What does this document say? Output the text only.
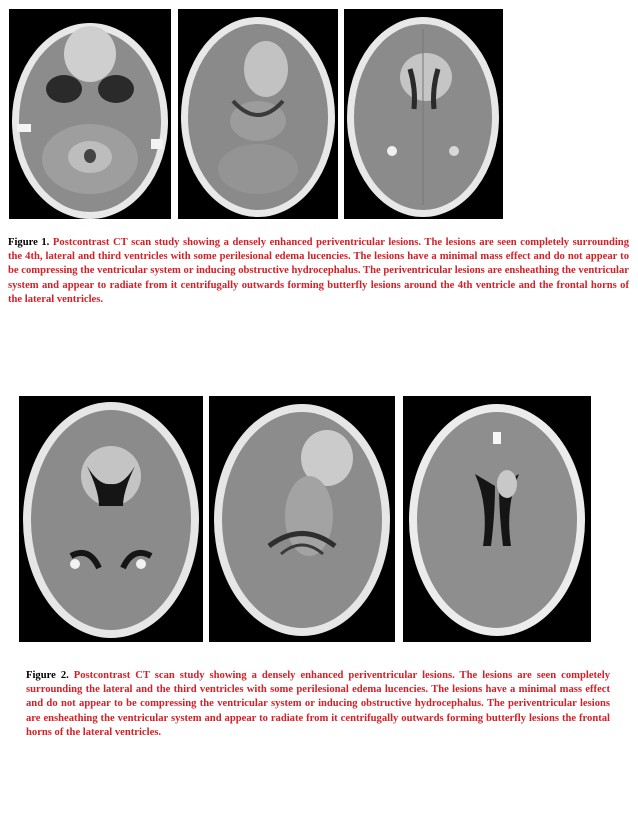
Figure 1. Postcontrast CT scan study showing a densely enhanced periventricular lesions. The lesions are seen completely surrounding the 4th, lateral and third ventricles with some perilesional edema lucencies. The lesions have a minimal mass effect and do not appear to be compressing the ventricular system or inducing obstructive hydrocephalus. The periventricular lesions are ensheathing the ventricular system and appear to radiate from it centrifugally outwards forming butterfly lesions around the 4th ventricle and the frontal horns of the lateral ventricles.
Figure 2. Postcontrast CT scan study showing a densely enhanced periventricular lesions. The lesions are seen completely surrounding the lateral and the third ventricles with some perilesional edema lucencies. The lesions have a minimal mass effect and do not appear to be compressing the ventricular system or inducing obstructive hydrocephalus. The periventricular lesions are ensheathing the ventricular system and appear to radiate from it centrifugally outwards forming butterfly lesions the frontal horns of the lateral ventricles.
